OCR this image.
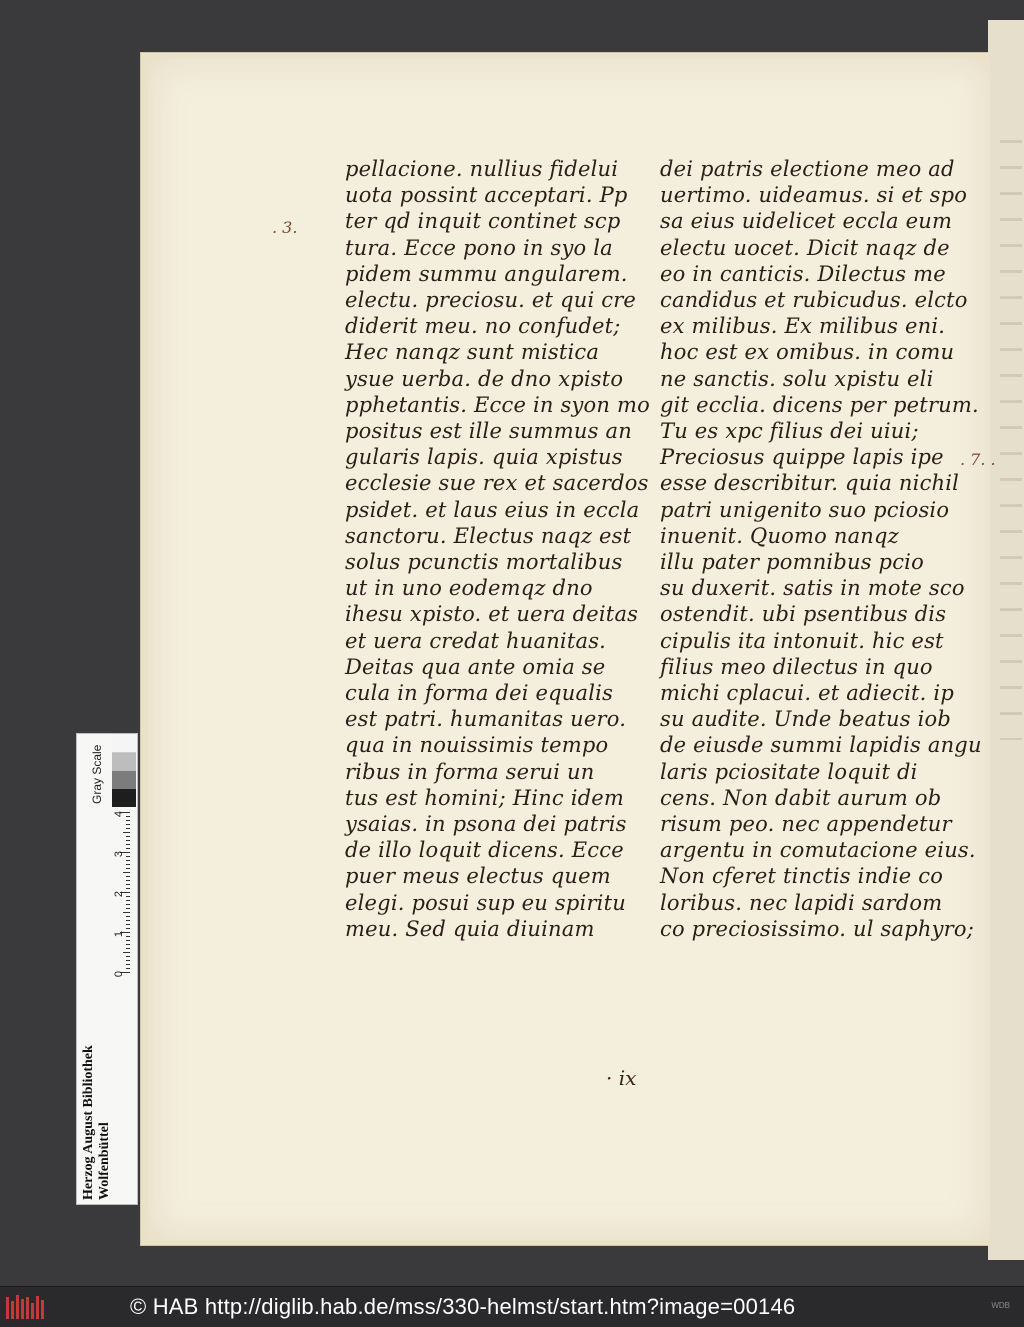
. 3.
. 7. .
pellacione. nullius fidelui
uota possint acceptari. Pp
ter qd inquit continet scp
tura. Ecce pono in syo la
pidem summu angularem.
electu. preciosu. et qui cre
diderit meu. no confudet;
Hec nanqz sunt mistica
ysue uerba. de dno xpisto
pphetantis. Ecce in syon mo
positus est ille summus an
gularis lapis. quia xpistus
ecclesie sue rex et sacerdos
psidet. et laus eius in eccla
sanctoru. Electus naqz est
solus pcunctis mortalibus
ut in uno eodemqz dno
ihesu xpisto. et uera deitas
et uera credat huanitas.
Deitas qua ante omia se
cula in forma dei equalis
est patri. humanitas uero.
qua in nouissimis tempo
ribus in forma serui un
tus est homini; Hinc idem
ysaias. in psona dei patris
de illo loquit dicens. Ecce
puer meus electus quem
elegi. posui sup eu spiritu
meu. Sed quia diuinam
dei patris electione meo ad
uertimo. uideamus. si et spo
sa eius uidelicet eccla eum
electu uocet. Dicit naqz de
eo in canticis. Dilectus me
candidus et rubicudus. elcto
ex milibus. Ex milibus eni.
hoc est ex omibus. in comu
ne sanctis. solu xpistu eli
git ecclia. dicens per petrum.
Tu es xpc filius dei uiui;
Preciosus quippe lapis ipe
esse describitur. quia nichil
patri unigenito suo pciosio
inuenit. Quomo nanqz
illu pater pomnibus pcio
su duxerit. satis in mote sco
ostendit. ubi psentibus dis
cipulis ita intonuit. hic est
filius meo dilectus in quo
michi cplacui. et adiecit. ip
su audite. Unde beatus iob
de eiusde summi lapidis angu
laris pciositate loquit di
cens. Non dabit aurum ob
risum peo. nec appendetur
argentu in comutacione eius.
Non cferet tinctis indie co
loribus. nec lapidi sardom
co preciosissimo. ul saphyro;
· ix
Herzog August Bibliothek Wolfenbüttel
Gray Scale
0
1
2
3
4
© HAB http://diglib.hab.de/mss/330-helmst/start.htm?image=00146	WDB
